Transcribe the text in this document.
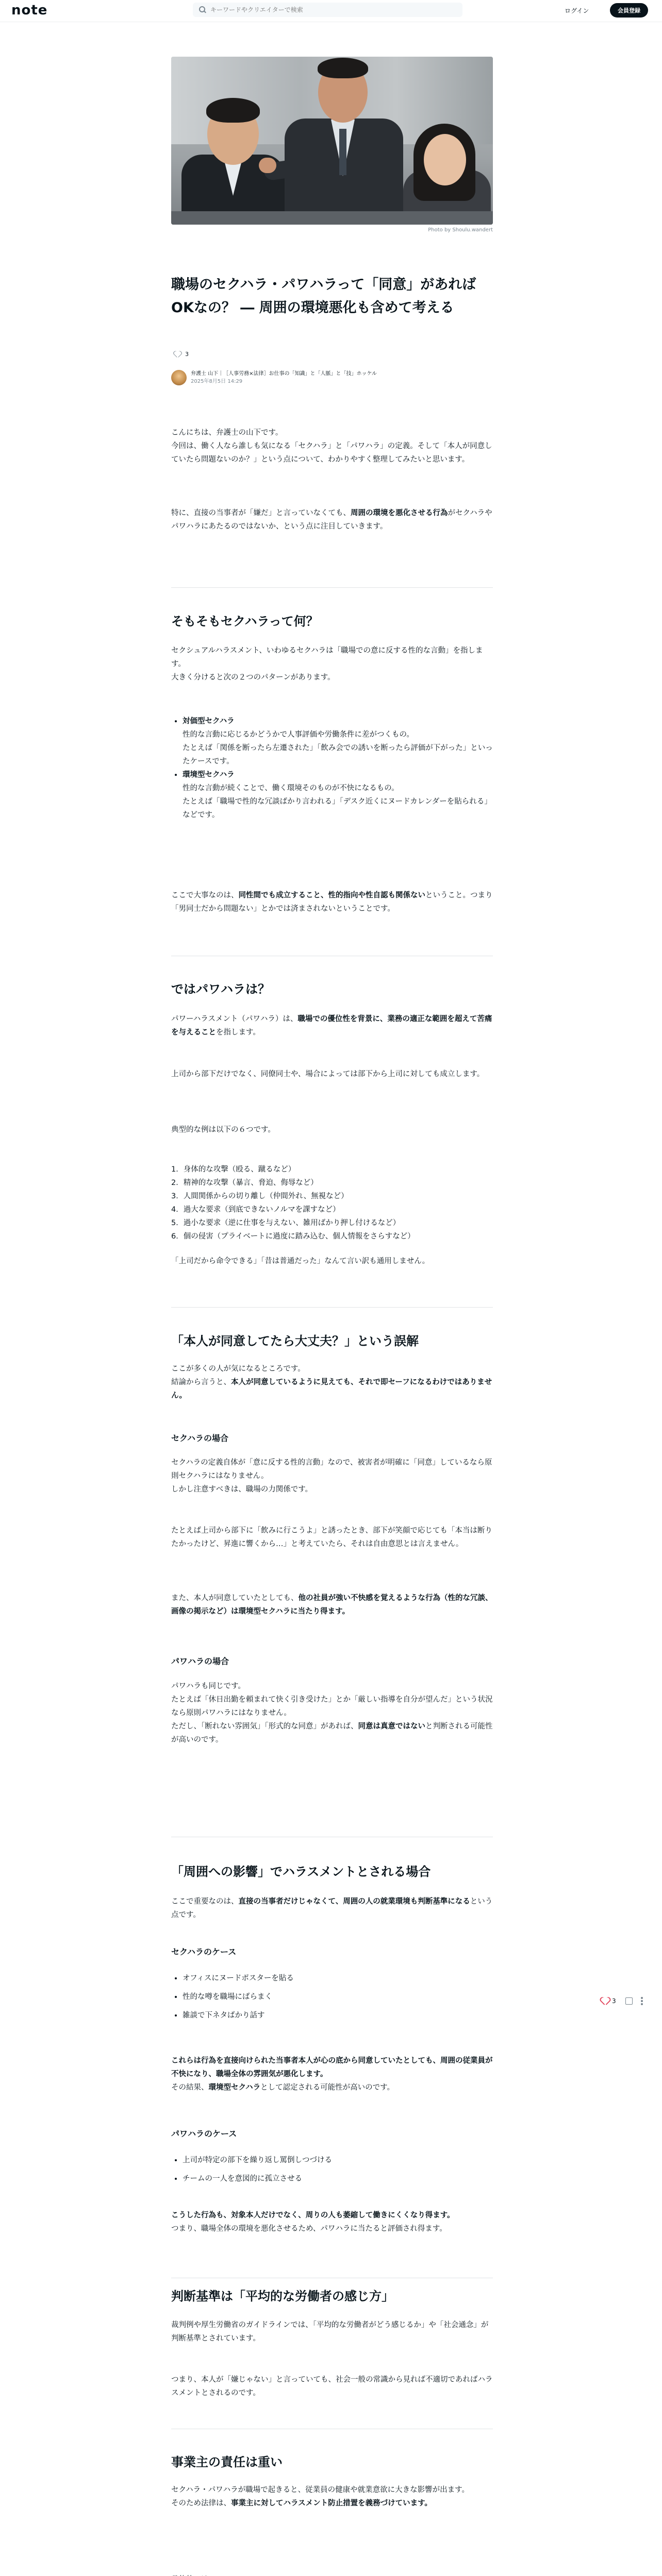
note
キーワードやクリエイターで検索	ログイン	会員登録
Photo by Shoulu.wandert
職場のセクハラ・パワハラって「同意」があればOKなの？ ― 周囲の環境悪化も含めて考える
3
弁護士 山下｜［人事労務×法律］お仕事の「知識」と「人脈」と「技」ホッケル
2025年8月5日 14:29

こんにちは、弁護士の山下です。

今回は、働く人なら誰しも気になる「セクハラ」と「パワハラ」の定義。そして「本人が同意していたら問題ないのか？」という点について、わかりやすく整理してみたいと思います。

特に、直接の当事者が「嫌だ」と言っていなくても、周囲の環境を悪化させる行為がセクハラやパワハラにあたるのではないか、という点に注目していきます。

そもそもセクハラって何？

セクシュアルハラスメント、いわゆるセクハラは「職場での意に反する性的な言動」を指します。

大きく分けると次の２つのパターンがあります。

• 対価型セクハラ
性的な言動に応じるかどうかで人事評価や労働条件に差がつくもの。
たとえば「関係を断ったら左遷された」「飲み会での誘いを断ったら評価が下がった」といったケースです。
• 環境型セクハラ
性的な言動が続くことで、働く環境そのものが不快になるもの。
たとえば「職場で性的な冗談ばかり言われる」「デスク近くにヌードカレンダーを貼られる」などです。

ここで大事なのは、同性間でも成立すること、性的指向や性自認も関係ないということ。つまり「男同士だから問題ない」とかでは済まされないということです。

ではパワハラは？

パワーハラスメント（パワハラ）は、職場での優位性を背景に、業務の適正な範囲を超えて苦痛を与えることを指します。

上司から部下だけでなく、同僚同士や、場合によっては部下から上司に対しても成立します。

典型的な例は以下の６つです。

1．身体的な攻撃（殴る、蹴るなど）

2．精神的な攻撃（暴言、脅迫、侮辱など）

3．人間関係からの切り離し（仲間外れ、無視など）

4．過大な要求（到底できないノルマを課すなど）

5．過小な要求（逆に仕事を与えない、雑用ばかり押し付けるなど）

6．個の侵害（プライベートに過度に踏み込む、個人情報をさらすなど）

「上司だから命令できる」「昔は普通だった」なんて言い訳も通用しません。

「本人が同意してたら大丈夫？」という誤解

ここが多くの人が気になるところです。

結論から言うと、本人が同意しているように見えても、それで即セーフになるわけではありません。

セクハラの場合

セクハラの定義自体が「意に反する性的言動」なので、被害者が明確に「同意」しているなら原則セクハラにはなりません。

しかし注意すべきは、職場の力関係です。

たとえば上司から部下に「飲みに行こうよ」と誘ったとき、部下が笑顔で応じても「本当は断りたかったけど、昇進に響くから…」と考えていたら、それは自由意思とは言えません。

また、本人が同意していたとしても、他の社員が強い不快感を覚えるような行為（性的な冗談、画像の掲示など）は環境型セクハラに当たり得ます。

パワハラの場合

パワハラも同じです。

たとえば「休日出勤を頼まれて快く引き受けた」とか「厳しい指導を自分が望んだ」という状況なら原則パワハラにはなりません。

ただし、「断れない雰囲気」「形式的な同意」があれば、同意は真意ではないと判断される可能性が高いのです。

「周囲への影響」でハラスメントとされる場合

ここで重要なのは、直接の当事者だけじゃなくて、周囲の人の就業環境も判断基準になるという点です。

セクハラのケース
• オフィスにヌードポスターを貼る
• 性的な噂を職場にばらまく
• 雑談で下ネタばかり話す

これらは行為を直接向けられた当事者本人が心の底から同意していたとしても、周囲の従業員が不快になり、職場全体の雰囲気が悪化します。

その結果、環境型セクハラとして認定される可能性が高いのです。

パワハラのケース
• 上司が特定の部下を繰り返し罵倒しつづける
• チームの一人を意図的に孤立させる

こうした行為も、対象本人だけでなく、周りの人も萎縮して働きにくくなり得ます。

つまり、職場全体の環境を悪化させるため、パワハラに当たると評価され得ます。

判断基準は「平均的な労働者の感じ方」

裁判例や厚生労働省のガイドラインでは、「平均的な労働者がどう感じるか」や「社会通念」が判断基準とされています。

つまり、本人が「嫌じゃない」と言っていても、社会一般の常識から見れば不適切であればハラスメントとされるのです。

事業主の責任は重い

セクハラ・パワハラが職場で起きると、従業員の健康や就業意欲に大きな影響が出ます。

そのため法律は、事業主に対してハラスメント防止措置を義務づけています。

3
